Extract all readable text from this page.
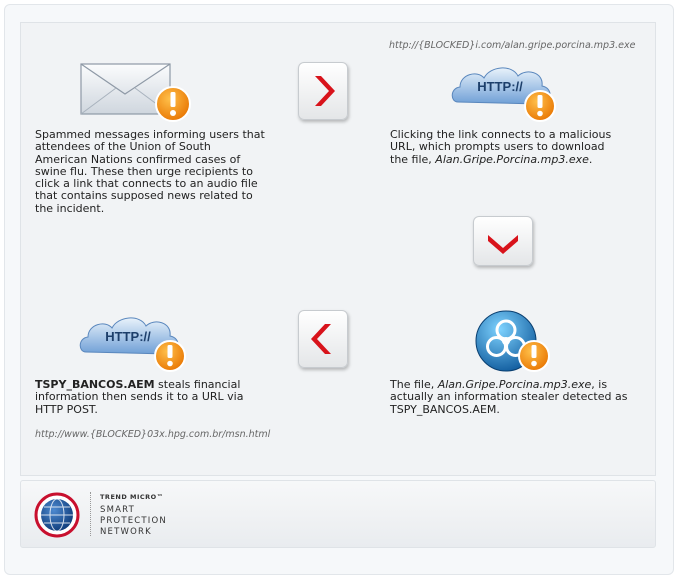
http://{BLOCKED}i.com/alan.gripe.porcina.mp3.exe
Spammed messages informing users that attendees of the Union of South American Nations confirmed cases of swine flu. These then urge recipients to click a link that connects to an audio file that contains supposed news related to the incident.
HTTP://
Clicking the link connects to a malicious URL, which prompts users to download the file, Alan.Gripe.Porcina.mp3.exe.
The file, Alan.Gripe.Porcina.mp3.exe, is actually an information stealer detected as TSPY_BANCOS.AEM.
HTTP://
TSPY_BANCOS.AEM steals financial information then sends it to a URL via HTTP POST.
http://www.{BLOCKED}03x.hpg.com.br/msn.html
TREND MICRO™
SMART
PROTECTION
NETWORK
